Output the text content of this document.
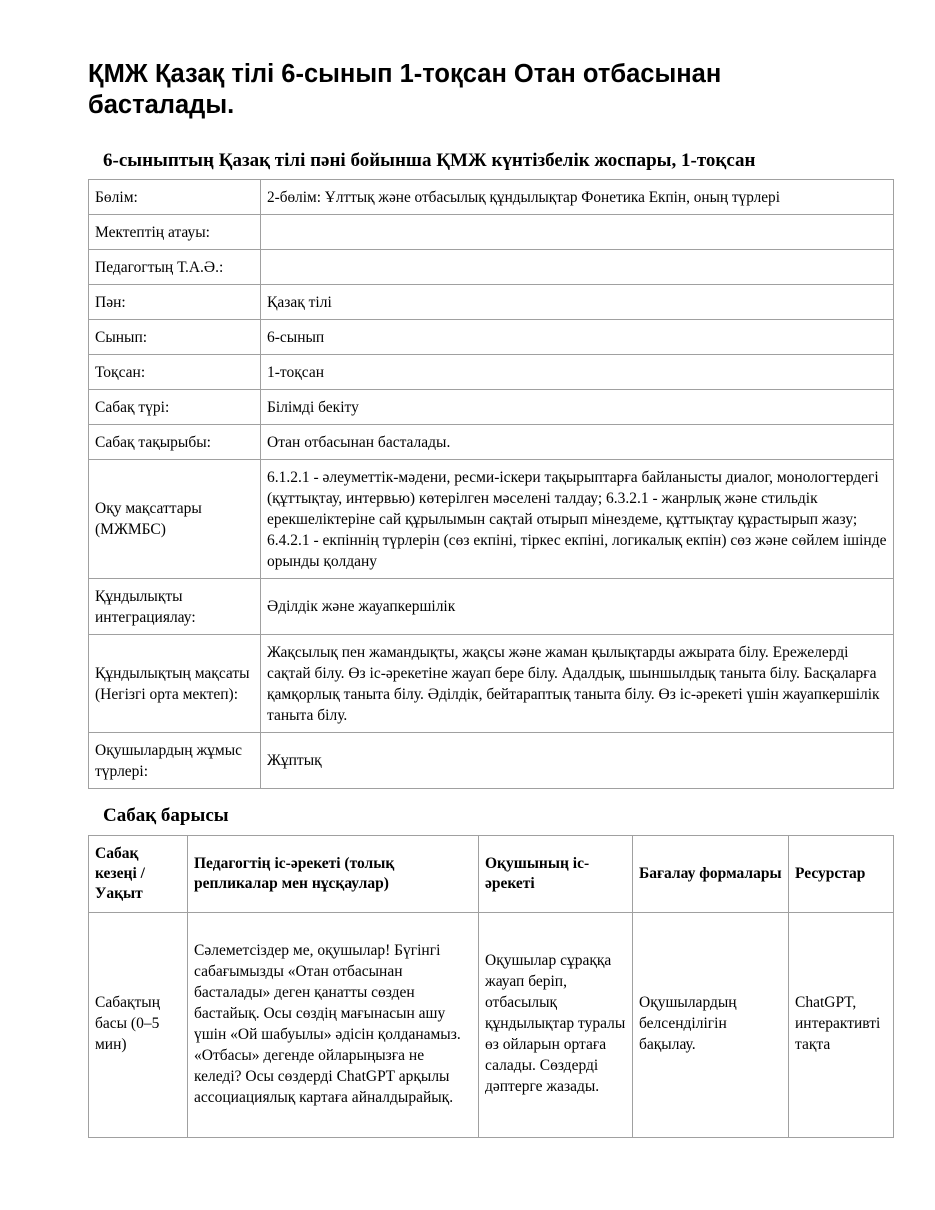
ҚМЖ Қазақ тілі 6-сынып 1-тоқсан Отан отбасынан басталады.
6-сыныптың Қазақ тілі пәні бойынша ҚМЖ күнтізбелік жоспары, 1-тоқсан
Бөлім:	2-бөлім: Ұлттық және отбасылық құндылықтар Фонетика Екпін, оның түрлері
Мектептің атауы:	
Педагогтың Т.А.Ә.:	
Пән:	Қазақ тілі
Сынып:	6-сынып
Тоқсан:	1-тоқсан
Сабақ түрі:	Білімді бекіту
Сабақ тақырыбы:	Отан отбасынан басталады.
Оқу мақсаттары (МЖМБС)	6.1.2.1 - әлеуметтік-мәдени, ресми-іскери тақырыптарға байланысты диалог, монологтердегі (құттықтау, интервью) көтерілген мәселені талдау; 6.3.2.1 - жанрлық және стильдік ерекшеліктеріне сай құрылымын сақтай отырып мінездеме, құттықтау құрастырып жазу; 6.4.2.1 - екпіннің түрлерін (сөз екпіні, тіркес екпіні, логикалық екпін) сөз және сөйлем ішінде орынды қолдану
Құндылықты интеграциялау:	Әділдік және жауапкершілік
Құндылықтың мақсаты (Негізгі орта мектеп):	Жақсылық пен жамандықты, жақсы және жаман қылықтарды ажырата білу. Ережелерді сақтай білу. Өз іс-әрекетіне жауап бере білу. Адалдық, шыншылдық таныта білу. Басқаларға қамқорлық таныта білу. Әділдік, бейтараптық таныта білу. Өз іс-әрекеті үшін жауапкершілік таныта білу.
Оқушылардың жұмыс түрлері:	Жұптық
Сабақ барысы
Сабақ кезеңі / Уақыт	Педагогтің іс-әрекеті (толық репликалар мен нұсқаулар)	Оқушының іс-әрекеті	Бағалау формалары	Ресурстар
Сабақтың басы (0–5 мин)	Сәлеметсіздер ме, оқушылар! Бүгінгі сабағымызды «Отан отбасынан басталады» деген қанатты сөзден бастайық. Осы сөздің мағынасын ашу үшін «Ой шабуылы» әдісін қолданамыз. «Отбасы» дегенде ойларыңызға не келеді? Осы сөздерді ChatGPT арқылы ассоциациялық картаға айналдырайық.	Оқушылар сұраққа жауап беріп, отбасылық құндылықтар туралы өз ойларын ортаға салады. Сөздерді дәптерге жазады.	Оқушылардың белсенділігін бақылау.	ChatGPT, интерактивті тақта
